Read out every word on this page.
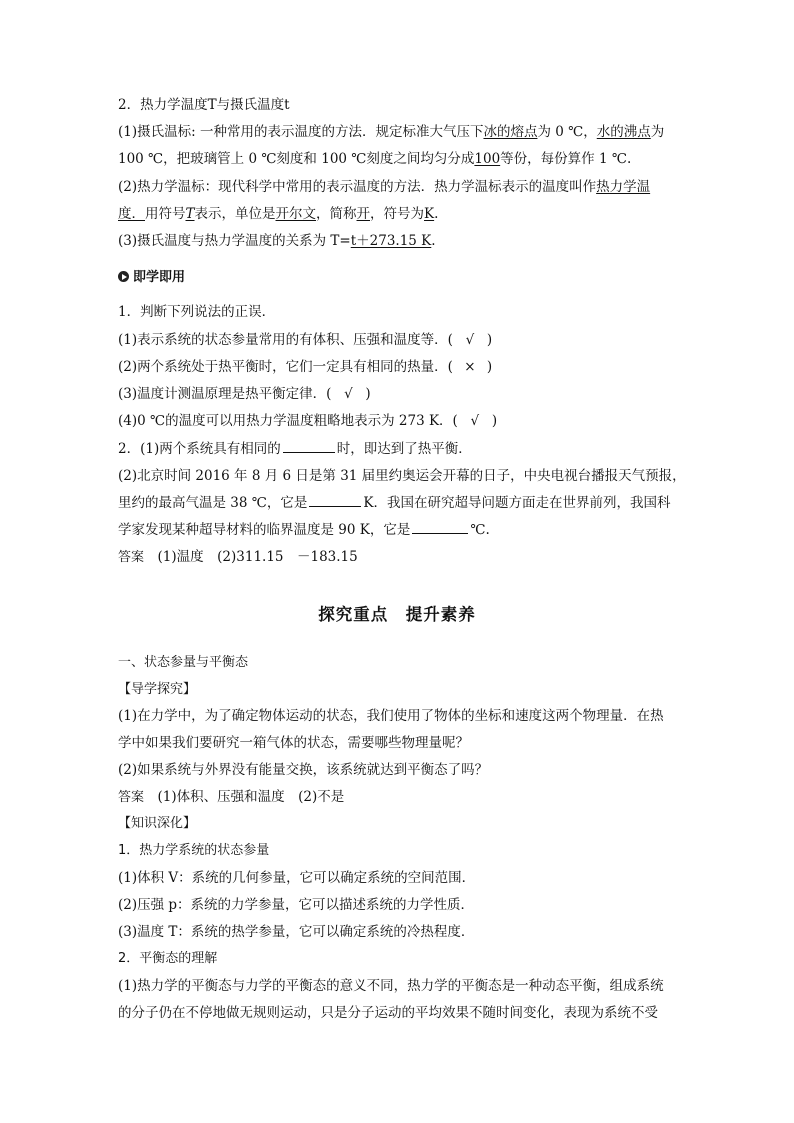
2．热力学温度T与摄氏温度t
(1)摄氏温标: 一种常用的表示温度的方法．规定标准大气压下冰的熔点为 0 ℃，水的沸点为
100 ℃，把玻璃管上 0 ℃刻度和 100 ℃刻度之间均匀分成100等份，每份算作 1 ℃.
(2)热力学温标：现代科学中常用的表示温度的方法．热力学温标表示的温度叫作热力学温
度．用符号T表示，单位是开尔文，简称开，符号为K.
(3)摄氏温度与热力学温度的关系为 T=t＋273.15 K.
即学即用
1．判断下列说法的正误．
(1)表示系统的状态参量常用的有体积、压强和温度等．( √ )
(2)两个系统处于热平衡时，它们一定具有相同的热量．( × )
(3)温度计测温原理是热平衡定律．( √ )
(4)0 ℃的温度可以用热力学温度粗略地表示为 273 K．( √ )
2．(1)两个系统具有相同的	时，即达到了热平衡．
(2)北京时间 2016 年 8 月 6 日是第 31 届里约奥运会开幕的日子，中央电视台播报天气预报，
里约的最高气温是 38 ℃，它是	K．我国在研究超导问题方面走在世界前列，我国科
学家发现某种超导材料的临界温度是 90 K，它是	℃.
答案　 (1)温度　(2)311.15　－183.15
探究重点　提升素养
一、状态参量与平衡态
【导学探究】
(1)在力学中，为了确定物体运动的状态，我们使用了物体的坐标和速度这两个物理量．在热
学中如果我们要研究一箱气体的状态，需要哪些物理量呢？
(2)如果系统与外界没有能量交换，该系统就达到平衡态了吗？
答案　 (1)体积、压强和温度　(2)不是
【知识深化】
1．热力学系统的状态参量
(1)体积 V：系统的几何参量，它可以确定系统的空间范围．
(2)压强 p：系统的力学参量，它可以描述系统的力学性质．
(3)温度 T：系统的热学参量，它可以确定系统的冷热程度．
2．平衡态的理解
(1)热力学的平衡态与力学的平衡态的意义不同，热力学的平衡态是一种动态平衡，组成系统
的分子仍在不停地做无规则运动，只是分子运动的平均效果不随时间变化，表现为系统不受
